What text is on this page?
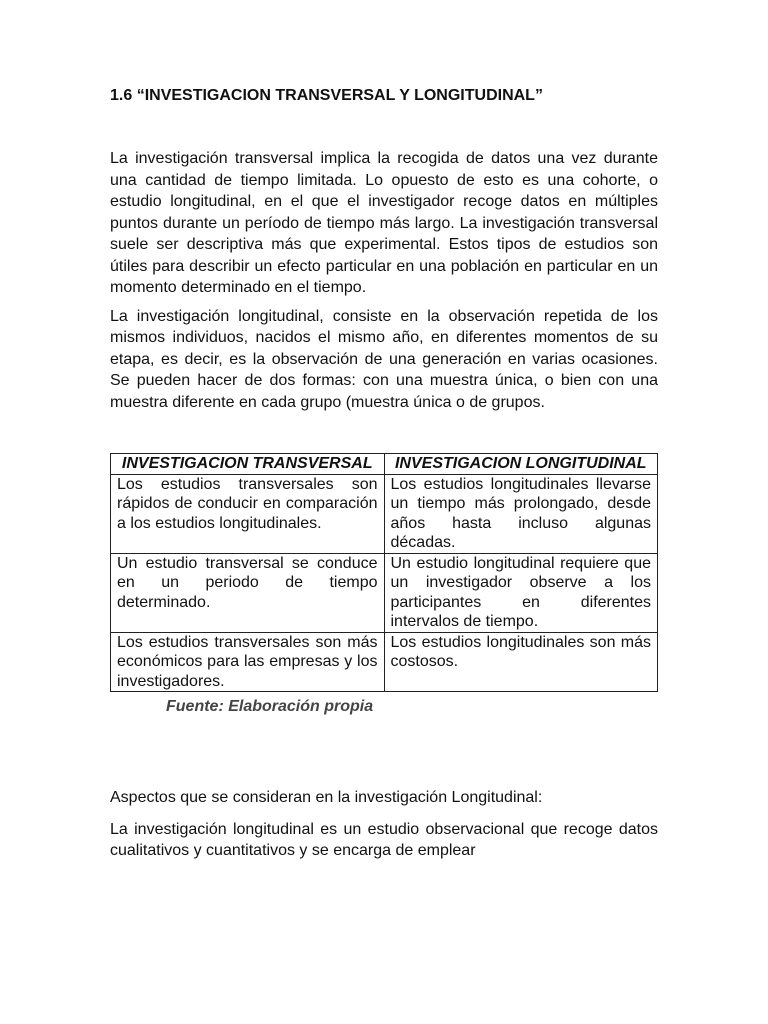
1.6 “INVESTIGACION TRANSVERSAL Y LONGITUDINAL”

La investigación transversal implica la recogida de datos una vez durante una cantidad de tiempo limitada. Lo opuesto de esto es una cohorte, o estudio longitudinal, en el que el investigador recoge datos en múltiples puntos durante un período de tiempo más largo. La investigación transversal suele ser descriptiva más que experimental. Estos tipos de estudios son útiles para describir un efecto particular en una población en particular en un momento determinado en el tiempo.

La investigación longitudinal, consiste en la observación repetida de los mismos individuos, nacidos el mismo año, en diferentes momentos de su etapa, es decir, es la observación de una generación en varias ocasiones. Se pueden hacer de dos formas: con una muestra única, o bien con una muestra diferente en cada grupo (muestra única o de grupos.

INVESTIGACION TRANSVERSAL	INVESTIGACION LONGITUDINAL
Los estudios transversales son rápidos de conducir en comparación a los estudios longitudinales.	Los estudios longitudinales llevarse un tiempo más prolongado, desde años hasta incluso algunas décadas.
Un estudio transversal se conduce en un periodo de tiempo determinado.	Un estudio longitudinal requiere que un investigador observe a los participantes en diferentes intervalos de tiempo.
Los estudios transversales son más económicos para las empresas y los investigadores.	Los estudios longitudinales son más costosos.

Fuente: Elaboración propia

Aspectos que se consideran en la investigación Longitudinal:

La investigación longitudinal es un estudio observacional que recoge datos cualitativos y cuantitativos y se encarga de emplear
